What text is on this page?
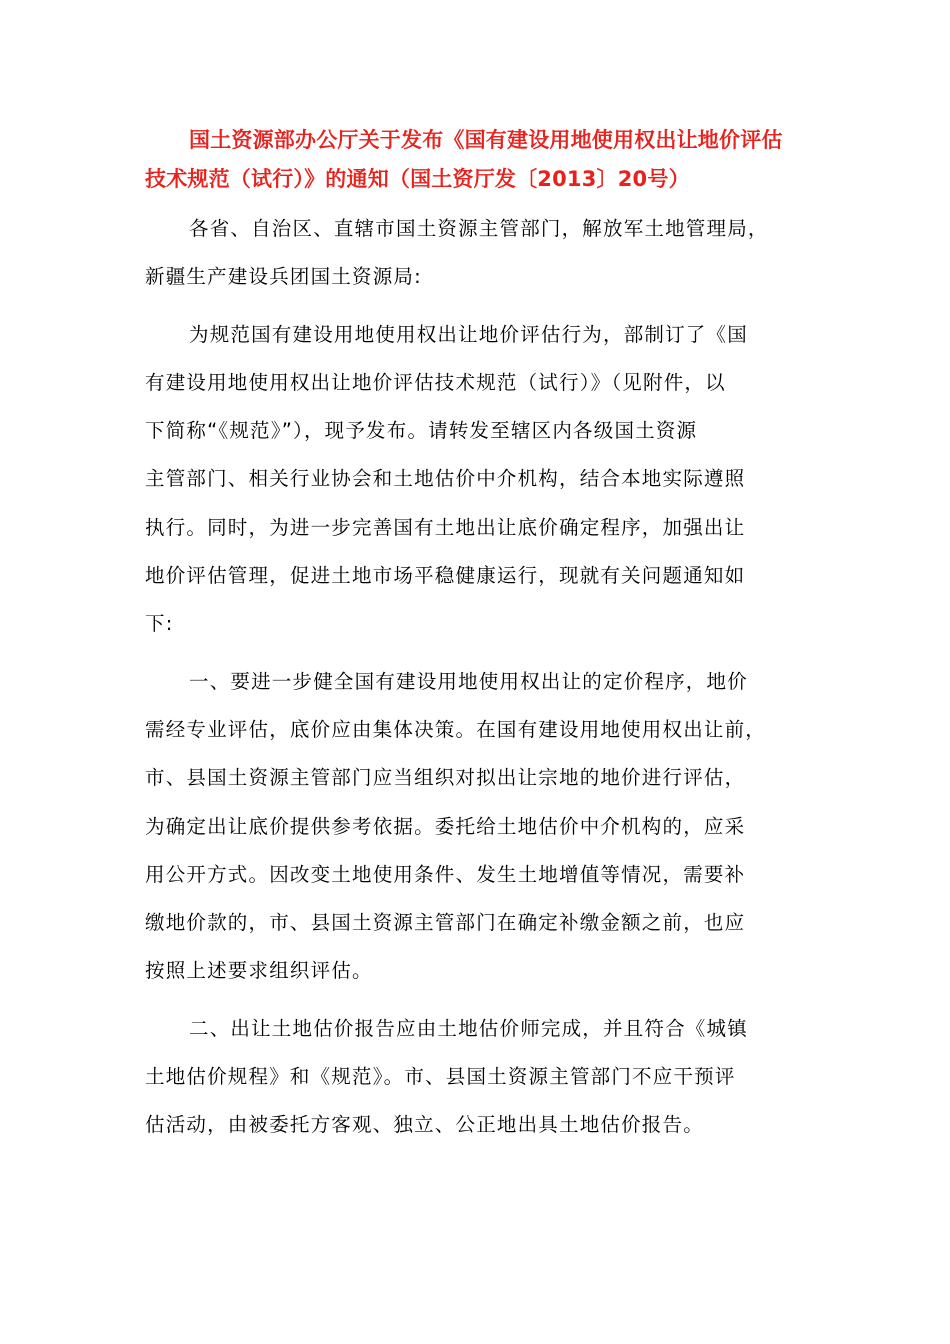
国土资源部办公厅关于发布《国有建设用地使用权出让地价评估
技术规范（试行）》的通知（国土资厅发〔2013〕20号）
各省、自治区、直辖市国土资源主管部门，解放军土地管理局，
新疆生产建设兵团国土资源局:
为规范国有建设用地使用权出让地价评估行为，部制订了《国
有建设用地使用权出让地价评估技术规范（试行）》（见附件，以
下简称“《规范》”），现予发布。请转发至辖区内各级国土资源
主管部门、相关行业协会和土地估价中介机构，结合本地实际遵照
执行。同时，为进一步完善国有土地出让底价确定程序，加强出让
地价评估管理，促进土地市场平稳健康运行，现就有关问题通知如
下:
一、要进一步健全国有建设用地使用权出让的定价程序，地价
需经专业评估，底价应由集体决策。在国有建设用地使用权出让前，
市、县国土资源主管部门应当组织对拟出让宗地的地价进行评估，
为确定出让底价提供参考依据。委托给土地估价中介机构的，应采
用公开方式。因改变土地使用条件、发生土地增值等情况，需要补
缴地价款的，市、县国土资源主管部门在确定补缴金额之前，也应
按照上述要求组织评估。
二、出让土地估价报告应由土地估价师完成，并且符合《城镇
土地估价规程》和《规范》。市、县国土资源主管部门不应干预评
估活动，由被委托方客观、独立、公正地出具土地估价报告。
